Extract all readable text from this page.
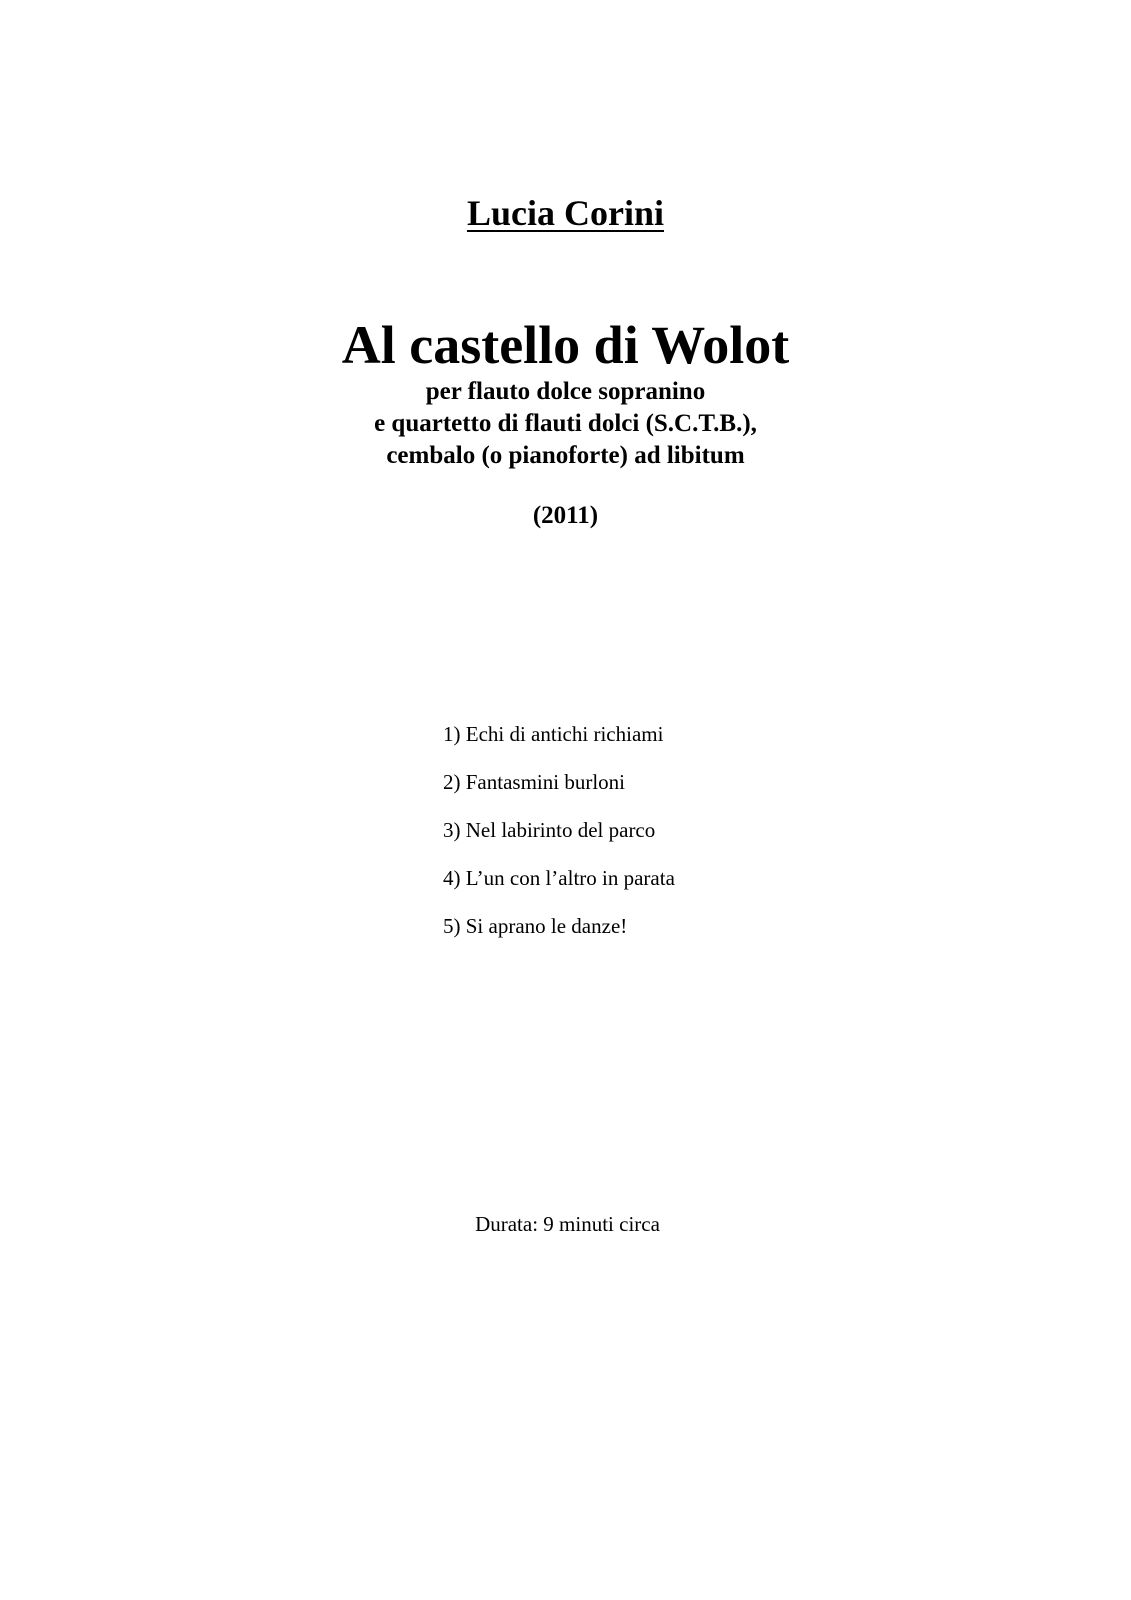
Lucia Corini
Al castello di Wolot
per flauto dolce sopranino
e quartetto di flauti dolci (S.C.T.B.),
cembalo (o pianoforte) ad libitum
(2011)
1) Echi di antichi richiami
2) Fantasmini burloni
3) Nel labirinto del parco
4) L’un con l’altro in parata
5) Si aprano le danze!
Durata: 9 minuti circa
